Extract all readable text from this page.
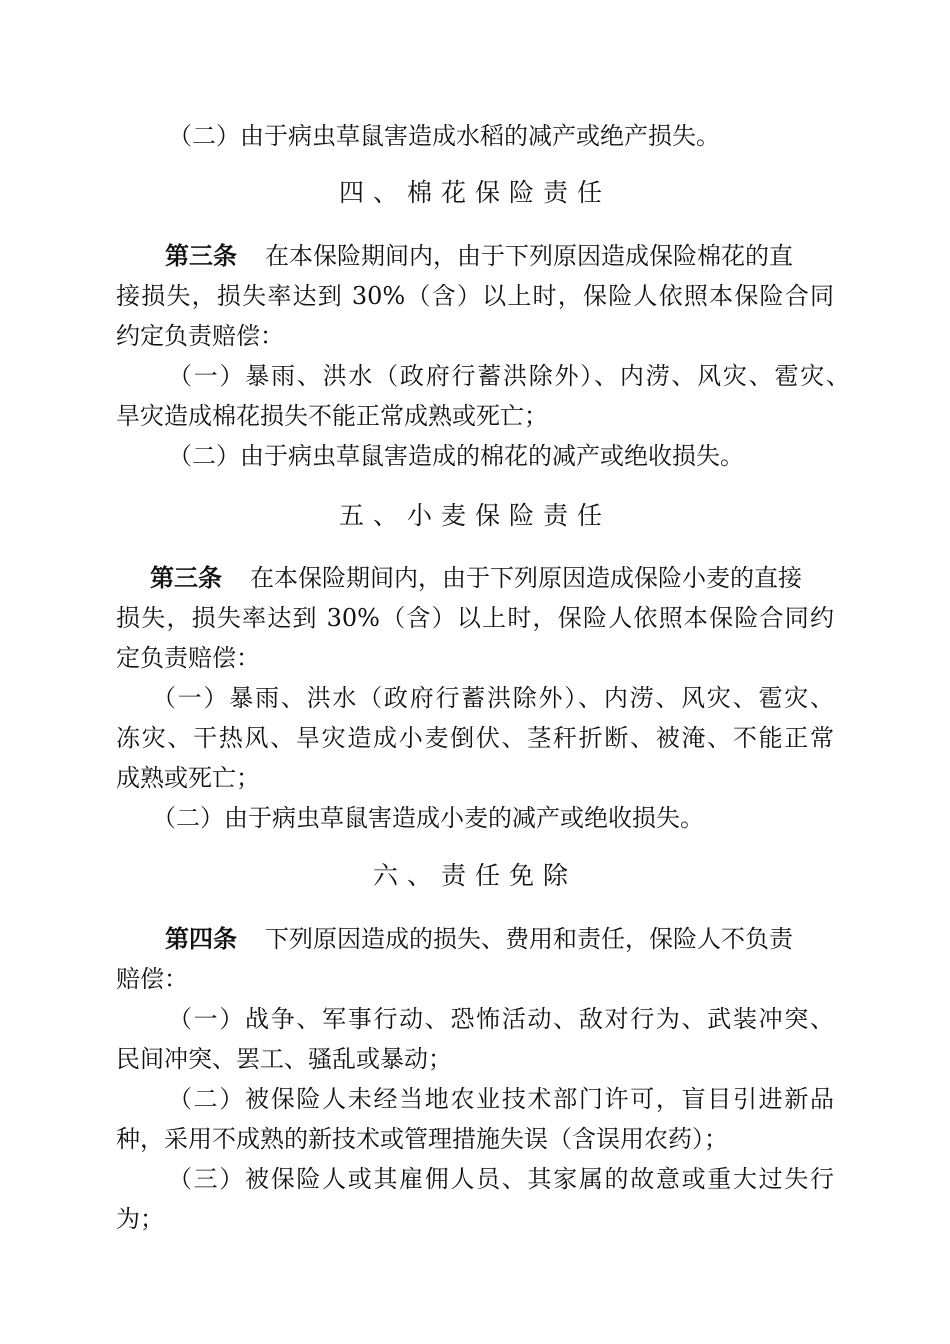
（二）由于病虫草鼠害造成水稻的减产或绝产损失。
四、棉花保险责任
第三条 在本保险期间内，由于下列原因造成保险棉花的直
接损失，损失率达到 30%（含）以上时，保险人依照本保险合同
约定负责赔偿：
（一）暴雨、洪水（政府行蓄洪除外）、内涝、风灾、雹灾、
旱灾造成棉花损失不能正常成熟或死亡；
（二）由于病虫草鼠害造成的棉花的减产或绝收损失。
五、小麦保险责任
第三条 在本保险期间内，由于下列原因造成保险小麦的直接
损失，损失率达到 30%（含）以上时，保险人依照本保险合同约
定负责赔偿：
（一）暴雨、洪水（政府行蓄洪除外）、内涝、风灾、雹灾、
冻灾、干热风、旱灾造成小麦倒伏、茎秆折断、被淹、不能正常
成熟或死亡；
（二）由于病虫草鼠害造成小麦的减产或绝收损失。
六、责任免除
第四条 下列原因造成的损失、费用和责任，保险人不负责
赔偿：
（一）战争、军事行动、恐怖活动、敌对行为、武装冲突、
民间冲突、罢工、骚乱或暴动；
（二）被保险人未经当地农业技术部门许可，盲目引进新品
种，采用不成熟的新技术或管理措施失误（含误用农药）；
（三）被保险人或其雇佣人员、其家属的故意或重大过失行
为；
